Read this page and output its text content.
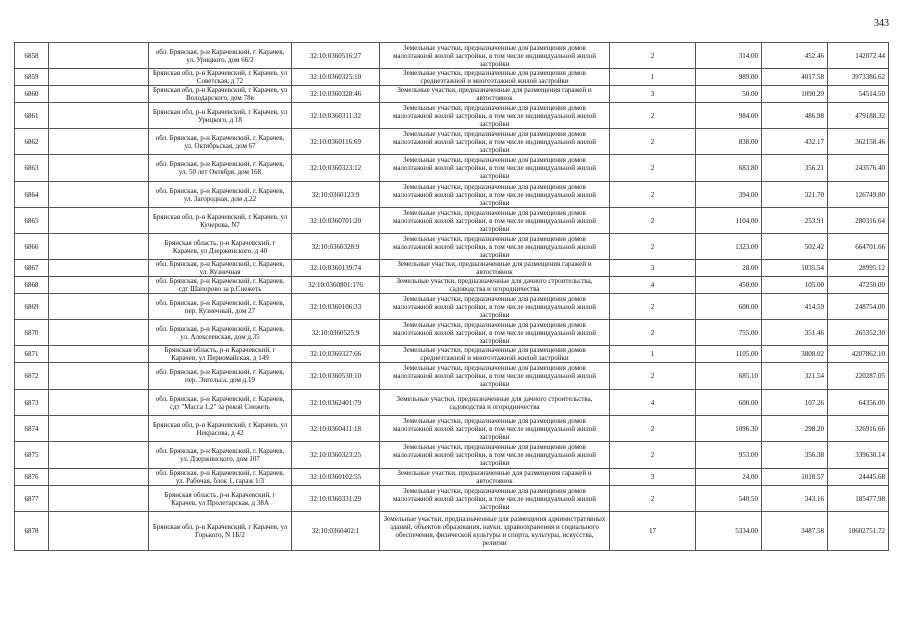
343
6858		обл. Брянская, р-н Карачевский, г. Карачев, ул. Урицкого, дом 66/2	32:10:0360516:27	Земельные участки, предназначенные для размещения домов малоэтажной жилой застройки, в том числе индивидуальной жилой застройки	2	314.00	452.46	142072.44
6859		Брянская обл, р-н Карачевский, г Карачев, ул Советская, д 72	32:10:0360325:10	Земельные участки, предназначенные для размещения домов среднеэтажной и многоэтажной жилой застройки	1	989.00	4017.58	3973386.62
6860		Брянская обл, р-н Карачевский, г Карачев, ул Володарского, дом 78в	32:10:0360328:46	Земельные участки, предназначенные для размещения гаражей и автостоянок	3	50.00	1090.29	54514.50
6861		Брянская обл, р-н Карачевский, г Карачев, ул Урицкого, д 18	32:10:0360311:32	Земельные участки, предназначенные для размещения домов малоэтажной жилой застройки, в том числе индивидуальной жилой застройки	2	984.00	486.98	479188.32
6862		обл. Брянская, р-н Карачевский, г. Карачев, ул. Октябрьская, дом 67	32:10:0360116:69	Земельные участки, предназначенные для размещения домов малоэтажной жилой застройки, в том числе индивидуальной жилой застройки	2	838.00	432.17	362158.46
6863		обл. Брянская, р-н Карачевский, г. Карачев, ул. 50 лет Октября, дом 168	32:10:0360323:12	Земельные участки, предназначенные для размещения домов малоэтажной жилой застройки, в том числе индивидуальной жилой застройки	2	683.80	356.21	243576.40
6864		обл. Брянская, р-н Карачевский, г. Карачев, ул. Загородная, дом д.22	32:10:0360123:9	Земельные участки, предназначенные для размещения домов малоэтажной жилой застройки, в том числе индивидуальной жилой застройки	2	394.00	321.70	126749.80
6865		Брянская обл, р-н Карачевский, г Карачев, ул Кучерова, N7	32:10:0360701:20	Земельные участки, предназначенные для размещения домов малоэтажной жилой застройки, в том числе индивидуальной жилой застройки	2	1104.00	253.91	280316.64
6866		Брянская область, р-н Карачевский, г Карачев, ул Дзержинского, д 40	32:10:0360328:9	Земельные участки, предназначенные для размещения домов малоэтажной жилой застройки, в том числе индивидуальной жилой застройки	2	1323.00	502.42	664701.66
6867		обл. Брянская, р-н Карачевский, г. Карачев, ул. Кузнечная	32:10:0360139:74	Земельные участки, предназначенные для размещения гаражей и автостоянок	3	28.00	1035.54	28995.12
6868		обл. Брянская, р-н Карачевский, г. Карачев, сдт Шапорово за р.Снежеть	32:10:0360801:176	Земельные участки, предназначенные для дачного строительства, садоводства и огородничества	4	450.00	105.00	47250.00
6869		обл. Брянская, р-н Карачевский, г. Карачев, пер. Кузнечный, дом 27	32:10:0360106:33	Земельные участки, предназначенные для размещения домов малоэтажной жилой застройки, в том числе индивидуальной жилой застройки	2	600.00	414.59	248754.00
6870		обл. Брянская, р-н Карачевский, г. Карачев, ул. Алексеевская, дом д.35	32:10:0360525:9	Земельные участки, предназначенные для размещения домов малоэтажной жилой застройки, в том числе индивидуальной жилой застройки	2	755.00	351.46	265352.30
6871		Брянская область, р-н Карачевский, г Карачев, ул Первомайская, д 149	32:10:0360327:66	Земельные участки, предназначенные для размещения домов среднеэтажной и многоэтажной жилой застройки	1	1105.00	3808.02	4207862.10
6872		обл. Брянская, р-н Карачевский, г. Карачев, пер. Энгельса, дом д.19	32:10:0360530:10	Земельные участки, предназначенные для размещения домов малоэтажной жилой застройки, в том числе индивидуальной жилой застройки	2	685.10	321.54	220287.05
6873		обл. Брянская, р-н Карачевский, г. Карачев, сдт "Масса 1,2" за рекой Снежеть	32:10:0362401:79	Земельные участки, предназначенные для дачного строительства, садоводства и огородничества	4	600.00	107.26	64356.00
6874		Брянская обл, р-н Карачевский, г Карачев, ул Некрасова, д 42	32:10:0360411:18	Земельные участки, предназначенные для размещения домов малоэтажной жилой застройки, в том числе индивидуальной жилой застройки	2	1096.30	298.20	326916.66
6875		обл. Брянская, р-н Карачевский, г. Карачев, ул. Дзержинского, дом 107	32:10:0360323:25	Земельные участки, предназначенные для размещения домов малоэтажной жилой застройки, в том числе индивидуальной жилой застройки	2	953.00	356.38	339630.14
6876		обл. Брянская, р-н Карачевский, г. Карачев, ул. Рабочая, блок 1, гараж 1/3	32:10:0360102:55	Земельные участки, предназначенные для размещения гаражей и автостоянок	3	24.00	1018.57	24445.68
6877		Брянская область, р-н Карачевский, г Карачев, ул Пролетарская, д 38А	32:10:0360331:29	Земельные участки, предназначенные для размещения домов малоэтажной жилой застройки, в том числе индивидуальной жилой застройки	2	540.50	343.16	185477.98
6878		Брянская обл, р-н Карачевский, г Карачев, ул Горького, N 1Б/2	32:10:0360402:1	Земельные участки, предназначенные для размещения административных зданий, объектов образования, науки, здравоохранения и социального обеспечения, физической культуры и спорта, культуры, искусства, религии	17	5334.00	3487.58	18602751.72
